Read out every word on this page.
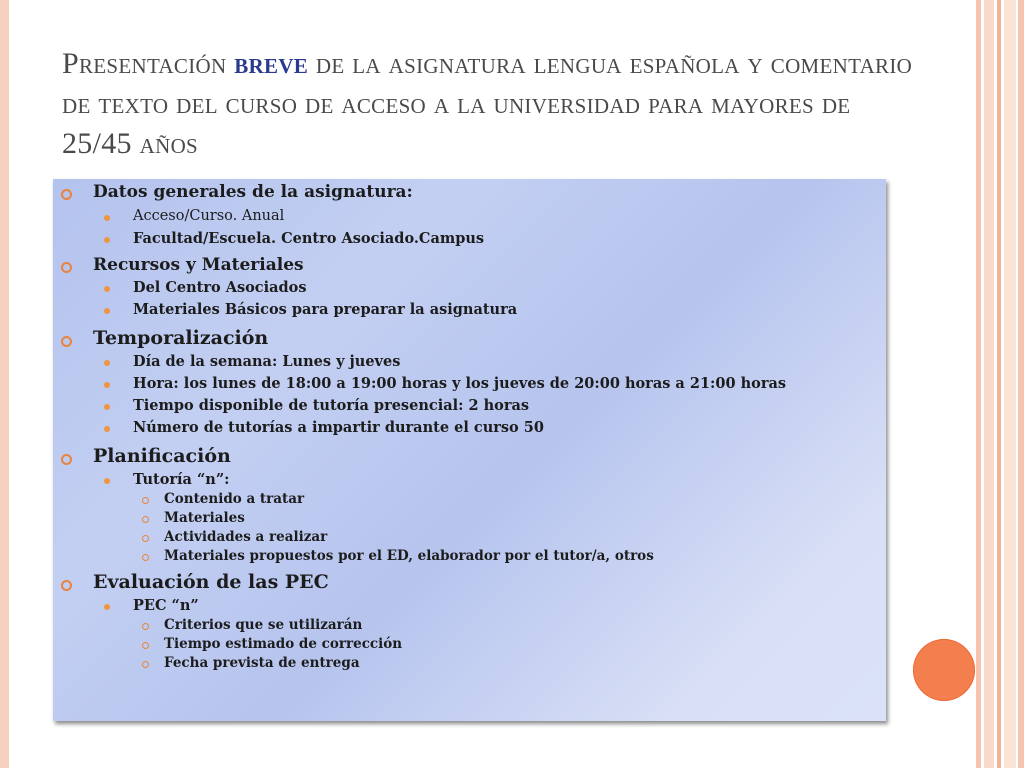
Presentación breve de la asignatura lengua española y comentario de texto del curso de acceso a la universidad para mayores de 25/45 años
Datos generales de la asignatura:
Acceso/Curso. Anual
Facultad/Escuela. Centro Asociado.Campus
Recursos y Materiales
Del Centro Asociados
Materiales Básicos para preparar la asignatura
Temporalización
Día de la semana: Lunes y jueves
Hora: los lunes de 18:00 a 19:00 horas y los jueves de 20:00 horas a 21:00 horas
Tiempo disponible de tutoría presencial: 2 horas
Número de tutorías a impartir durante el curso 50
Planificación
Tutoría “n”:
Contenido a tratar
Materiales
Actividades a realizar
Materiales propuestos por el ED, elaborador por el tutor/a, otros
Evaluación de las PEC
PEC “n”
Criterios que se utilizarán
Tiempo estimado de corrección
Fecha prevista de entrega
